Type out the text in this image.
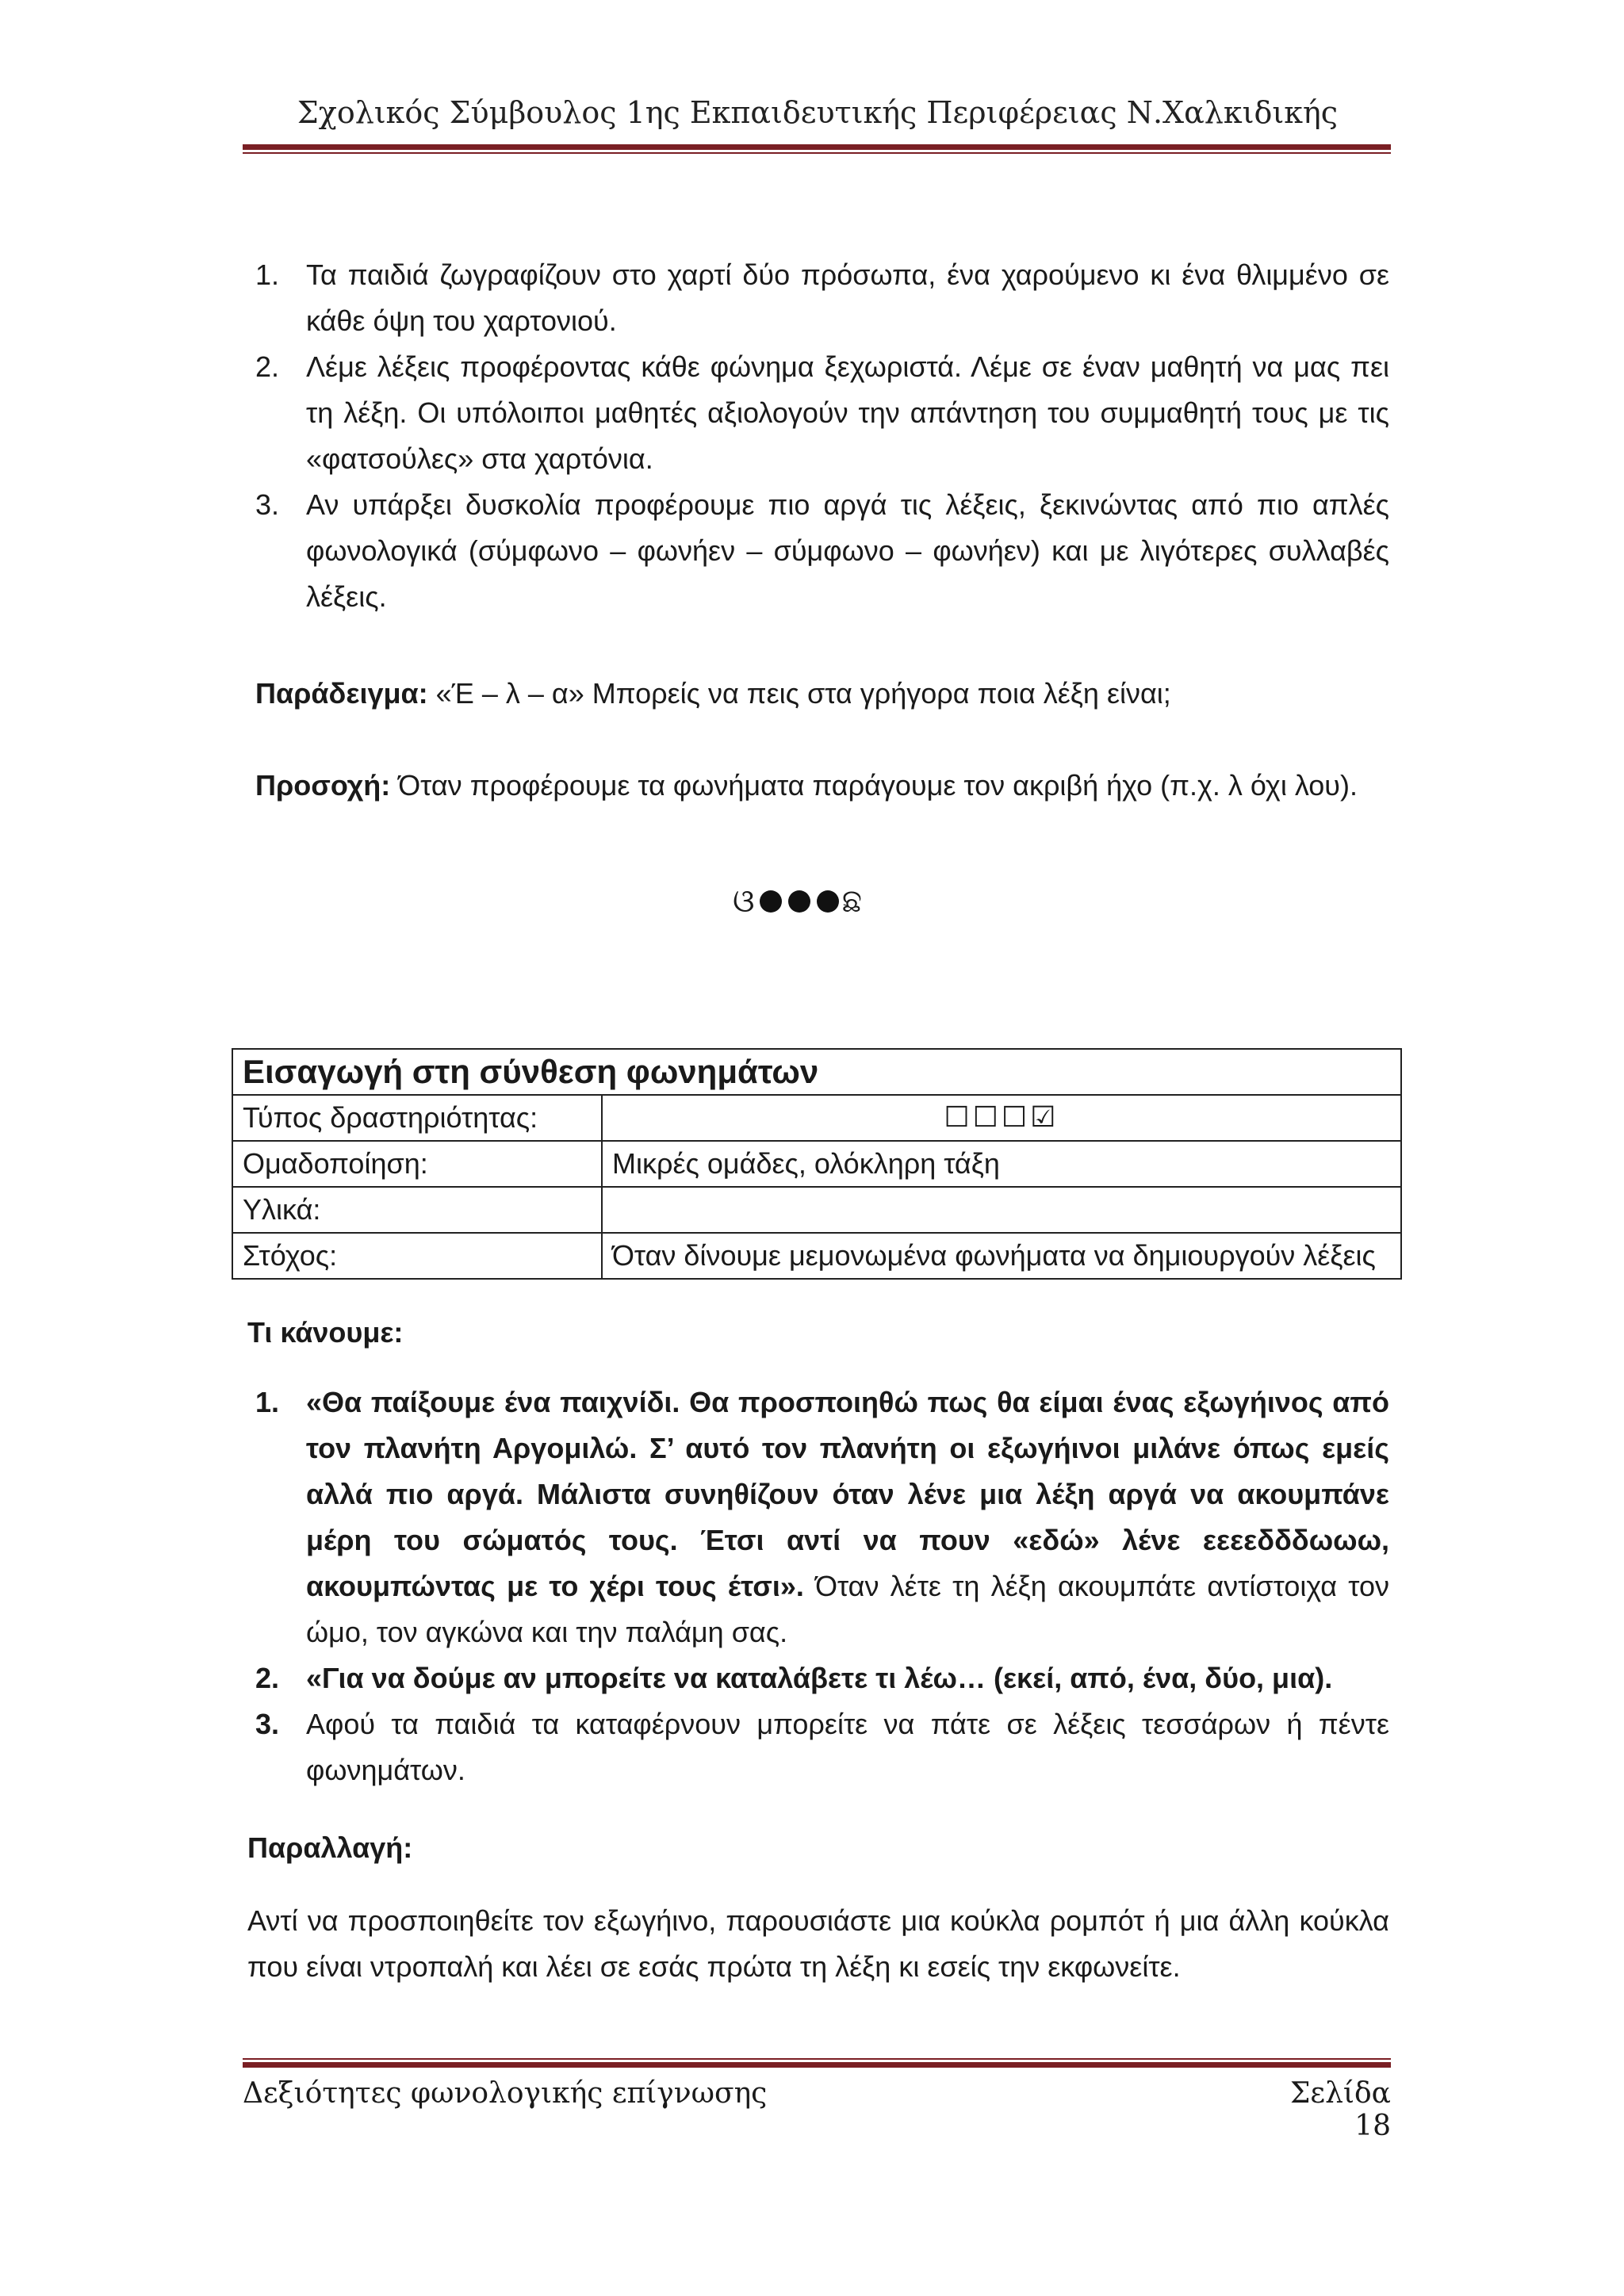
Σχολικός Σύμβουλος 1ης Εκπαιδευτικής Περιφέρειας Ν.Χαλκιδικής
1. Τα παιδιά ζωγραφίζουν στο χαρτί δύο πρόσωπα, ένα χαρούμενο κι ένα θλιμμένο σε κάθε όψη του χαρτονιού.
2. Λέμε λέξεις προφέροντας κάθε φώνημα ξεχωριστά. Λέμε σε έναν μαθητή να μας πει τη λέξη. Οι υπόλοιποι μαθητές αξιολογούν την απάντηση του συμμαθητή τους με τις «φατσούλες» στα χαρτόνια.
3. Αν υπάρξει δυσκολία προφέρουμε πιο αργά τις λέξεις, ξεκινώντας από πιο απλές φωνολογικά (σύμφωνο – φωνήεν – σύμφωνο – φωνήεν) και με λιγότερες συλλαβές λέξεις.
Παράδειγμα: «Έ – λ – α» Μπορείς να πεις στα γρήγορα ποια λέξη είναι;
Προσοχή: Όταν προφέρουμε τα φωνήματα παράγουμε τον ακριβή ήχο (π.χ. λ όχι λου).
ଓ	ଛ
Εισαγωγή στη σύνθεση φωνημάτων	
Τύπος δραστηριότητας:	☐☐☐☑
Ομαδοποίηση:	Μικρές ομάδες, ολόκληρη τάξη
Υλικά:	
Στόχος:	Όταν δίνουμε μεμονωμένα φωνήματα να δημιουργούν λέξεις
Τι κάνουμε:
1. «Θα παίξουμε ένα παιχνίδι. Θα προσποιηθώ πως θα είμαι ένας εξωγήινος από τον πλανήτη Αργομιλώ. Σ’ αυτό τον πλανήτη οι εξωγήινοι μιλάνε όπως εμείς αλλά πιο αργά. Μάλιστα συνηθίζουν όταν λένε μια λέξη αργά να ακουμπάνε μέρη του σώματός τους. Έτσι αντί να πουν «εδώ» λένε εεεεδδδωωω, ακουμπώντας με το χέρι τους έτσι». Όταν λέτε τη λέξη ακουμπάτε αντίστοιχα τον ώμο, τον αγκώνα και την παλάμη σας.
2. «Για να δούμε αν μπορείτε να καταλάβετε τι λέω… (εκεί, από, ένα, δύο, μια).
3. Αφού τα παιδιά τα καταφέρνουν μπορείτε να πάτε σε λέξεις τεσσάρων ή πέντε φωνημάτων.
Παραλλαγή:
Αντί να προσποιηθείτε τον εξωγήινο, παρουσιάστε μια κούκλα ρομπότ ή μια άλλη κούκλα που είναι ντροπαλή και λέει σε εσάς πρώτα τη λέξη κι εσείς την εκφωνείτε.
Δεξιότητες φωνολογικής επίγνωσης	Σελίδα 18
